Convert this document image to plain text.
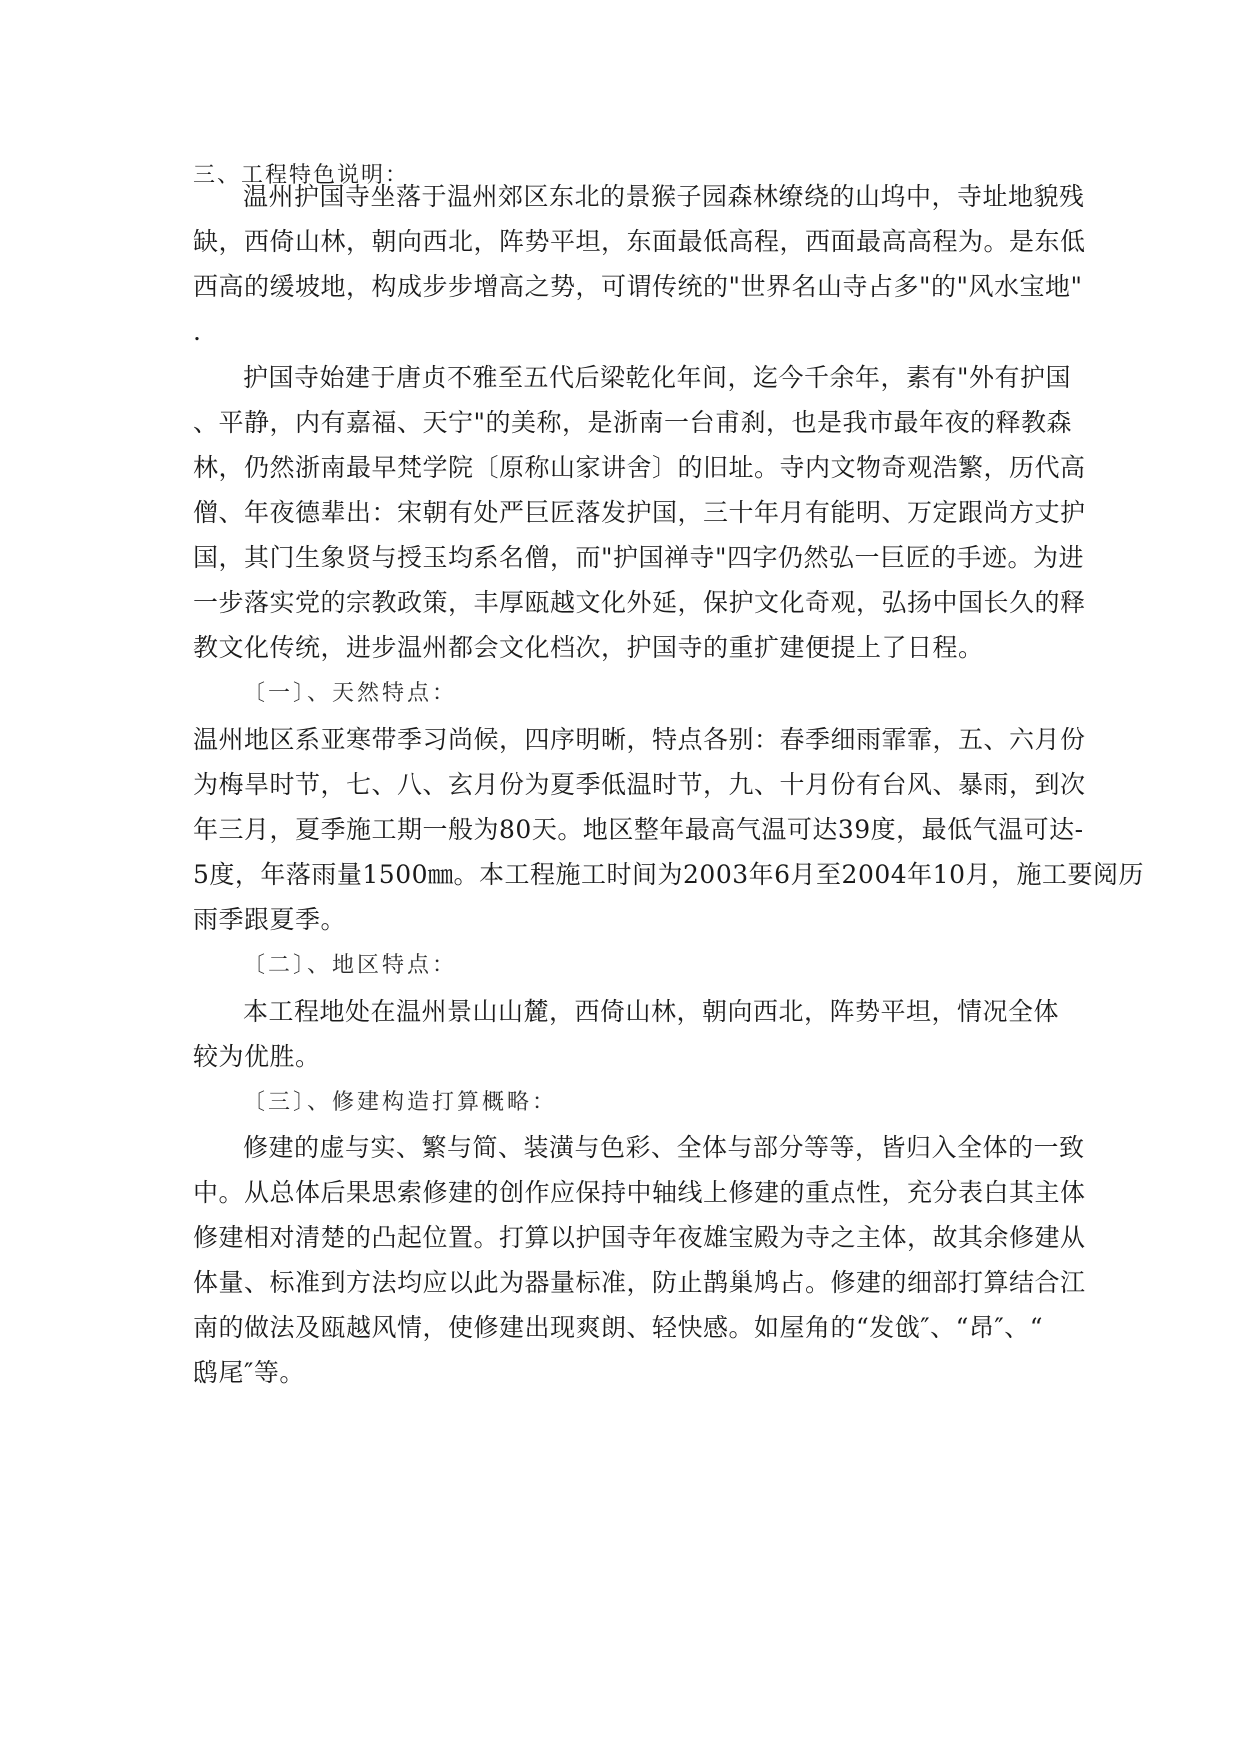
三、工程特色说明：
温州护国寺坐落于温州郊区东北的景猴子园森林缭绕的山坞中，寺址地貌残
缺，西倚山林，朝向西北，阵势平坦，东面最低高程，西面最高高程为。是东低
西高的缓坡地，构成步步增高之势，可谓传统的"世界名山寺占多"的"风水宝地"
.
护国寺始建于唐贞不雅至五代后梁乾化年间，迄今千余年，素有"外有护国
、平静，内有嘉福、天宁"的美称，是浙南一台甫刹，也是我市最年夜的释教森
林，仍然浙南最早梵学院〔原称山家讲舍〕的旧址。寺内文物奇观浩繁，历代高
僧、年夜德辈出：宋朝有处严巨匠落发护国，三十年月有能明、万定跟尚方丈护
国，其门生象贤与授玉均系名僧，而"护国禅寺"四字仍然弘一巨匠的手迹。为进
一步落实党的宗教政策，丰厚瓯越文化外延，保护文化奇观，弘扬中国长久的释
教文化传统，进步温州都会文化档次，护国寺的重扩建便提上了日程。
〔一〕、天然特点：
温州地区系亚寒带季习尚候，四序明晰，特点各别：春季细雨霏霏，五、六月份
为梅旱时节，七、八、玄月份为夏季低温时节，九、十月份有台风、暴雨，到次
年三月，夏季施工期一般为80天。地区整年最高气温可达39度，最低气温可达-
5度，年落雨量1500㎜。本工程施工时间为2003年6月至2004年10月，施工要阅历
雨季跟夏季。
〔二〕、地区特点：
本工程地处在温州景山山麓，西倚山林，朝向西北，阵势平坦，情况全体
较为优胜。
〔三〕、修建构造打算概略：
修建的虚与实、繁与简、装潢与色彩、全体与部分等等，皆归入全体的一致
中。从总体后果思索修建的创作应保持中轴线上修建的重点性，充分表白其主体
修建相对清楚的凸起位置。打算以护国寺年夜雄宝殿为寺之主体，故其余修建从
体量、标准到方法均应以此为器量标准，防止鹊巢鸠占。修建的细部打算结合江
南的做法及瓯越风情，使修建出现爽朗、轻快感。如屋角的“发戗″、“昂″、“
鸱尾″等。
